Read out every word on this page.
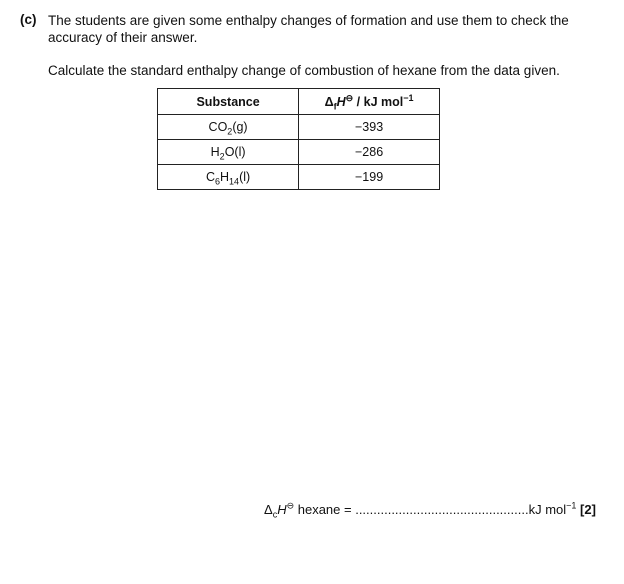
(c) The students are given some enthalpy changes of formation and use them to check the
accuracy of their answer.
Calculate the standard enthalpy change of combustion of hexane from the data given.
Substance	$\Delta_fH^⊖$ / kJ mol$^{-1}$
$CO_2(g)$	−393
$H_2O(l)$	−286
$C_6H_{14}(l)$	−199
$\Delta_cH^⊖$ hexane = ................................................kJ mol$^{-1}$ [2]
